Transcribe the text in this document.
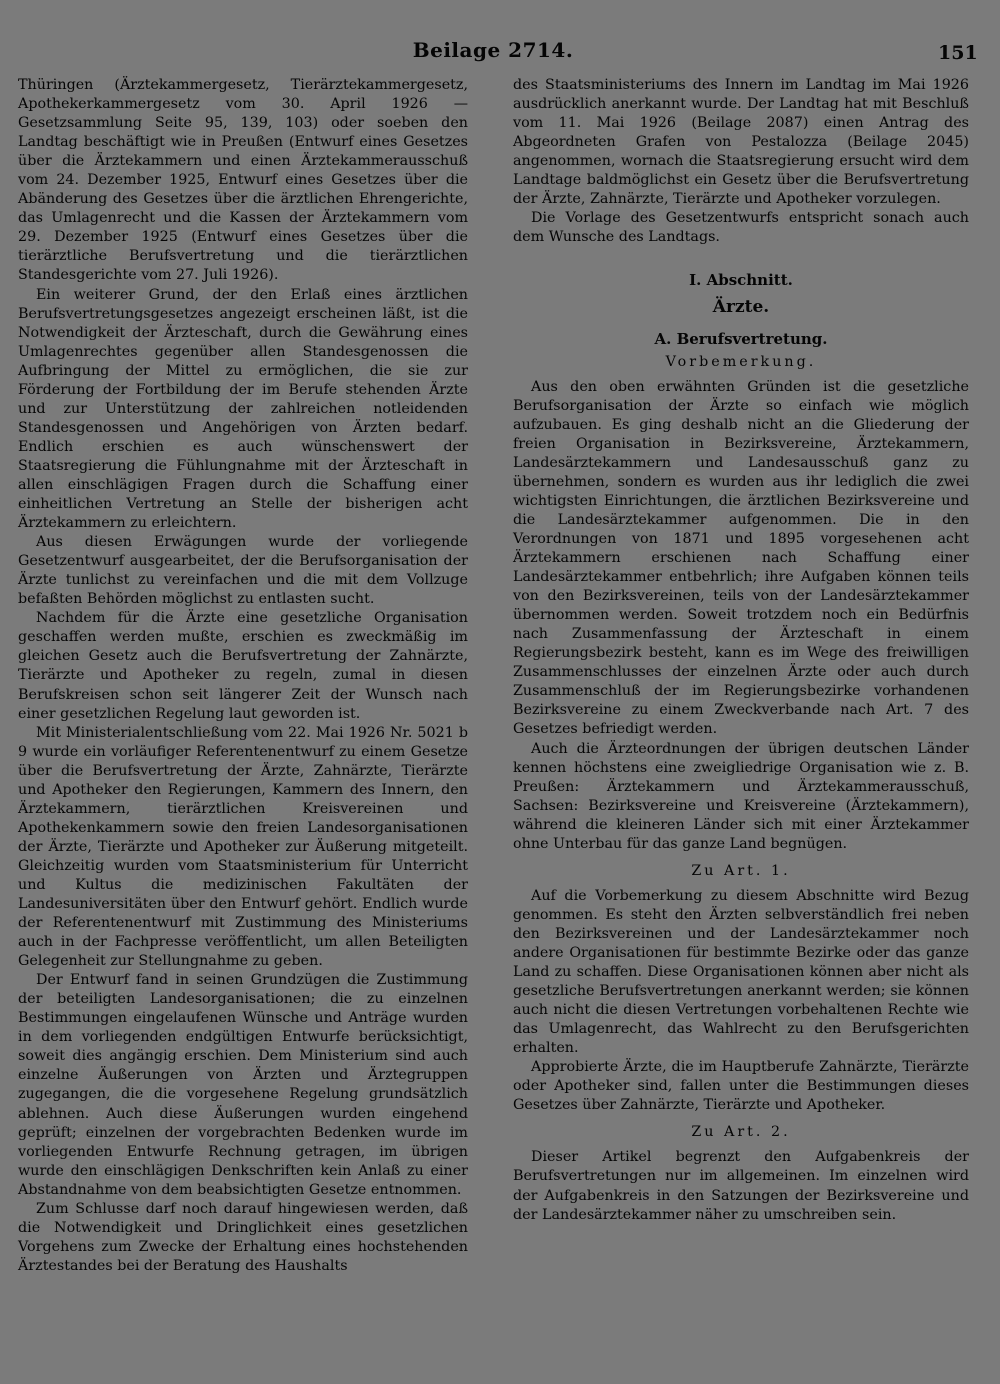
Beilage 2714.	151

Thüringen (Ärztekammergesetz, Tierärztekammergesetz, Apothekerkammergesetz vom 30. April 1926 — Gesetzsammlung Seite 95, 139, 103) oder soeben den Landtag beschäftigt wie in Preußen (Entwurf eines Gesetzes über die Ärztekammern und einen Ärztekammerausschuß vom 24. Dezember 1925, Entwurf eines Gesetzes über die Abänderung des Gesetzes über die ärztlichen Ehrengerichte, das Umlagenrecht und die Kassen der Ärztekammern vom 29. Dezember 1925 (Entwurf eines Gesetzes über die tierärztliche Berufsvertretung und die tierärztlichen Standesgerichte vom 27. Juli 1926).

Ein weiterer Grund, der den Erlaß eines ärztlichen Berufsvertretungsgesetzes angezeigt erscheinen läßt, ist die Notwendigkeit der Ärzteschaft, durch die Gewährung eines Umlagenrechtes gegenüber allen Standesgenossen die Aufbringung der Mittel zu ermöglichen, die sie zur Förderung der Fortbildung der im Berufe stehenden Ärzte und zur Unterstützung der zahlreichen notleidenden Standesgenossen und Angehörigen von Ärzten bedarf. Endlich erschien es auch wünschenswert der Staatsregierung die Fühlungnahme mit der Ärzteschaft in allen einschlägigen Fragen durch die Schaffung einer einheitlichen Vertretung an Stelle der bisherigen acht Ärztekammern zu erleichtern.

Aus diesen Erwägungen wurde der vorliegende Gesetzentwurf ausgearbeitet, der die Berufsorganisation der Ärzte tunlichst zu vereinfachen und die mit dem Vollzuge befaßten Behörden möglichst zu entlasten sucht.

Nachdem für die Ärzte eine gesetzliche Organisation geschaffen werden mußte, erschien es zweckmäßig im gleichen Gesetz auch die Berufsvertretung der Zahnärzte, Tierärzte und Apotheker zu regeln, zumal in diesen Berufskreisen schon seit längerer Zeit der Wunsch nach einer gesetzlichen Regelung laut geworden ist.

Mit Ministerialentschließung vom 22. Mai 1926 Nr. 5021 b 9 wurde ein vorläufiger Referentenentwurf zu einem Gesetze über die Berufsvertretung der Ärzte, Zahnärzte, Tierärzte und Apotheker den Regierungen, Kammern des Innern, den Ärztekammern, tierärztlichen Kreisvereinen und Apothekenkammern sowie den freien Landesorganisationen der Ärzte, Tierärzte und Apotheker zur Äußerung mitgeteilt. Gleichzeitig wurden vom Staatsministerium für Unterricht und Kultus die medizinischen Fakultäten der Landesuniversitäten über den Entwurf gehört. Endlich wurde der Referentenentwurf mit Zustimmung des Ministeriums auch in der Fachpresse veröffentlicht, um allen Beteiligten Gelegenheit zur Stellungnahme zu geben.

Der Entwurf fand in seinen Grundzügen die Zustimmung der beteiligten Landesorganisationen; die zu einzelnen Bestimmungen eingelaufenen Wünsche und Anträge wurden in dem vorliegenden endgültigen Entwurfe berücksichtigt, soweit dies angängig erschien. Dem Ministerium sind auch einzelne Äußerungen von Ärzten und Ärztegruppen zugegangen, die die vorgesehene Regelung grundsätzlich ablehnen. Auch diese Äußerungen wurden eingehend geprüft; einzelnen der vorgebrachten Bedenken wurde im vorliegenden Entwurfe Rechnung getragen, im übrigen wurde den einschlägigen Denkschriften kein Anlaß zu einer Abstandnahme von dem beabsichtigten Gesetze entnommen.

Zum Schlusse darf noch darauf hingewiesen werden, daß die Notwendigkeit und Dringlichkeit eines gesetzlichen Vorgehens zum Zwecke der Erhaltung eines hochstehenden Ärztestandes bei der Beratung des Haushalts

des Staatsministeriums des Innern im Landtag im Mai 1926 ausdrücklich anerkannt wurde. Der Landtag hat mit Beschluß vom 11. Mai 1926 (Beilage 2087) einen Antrag des Abgeordneten Grafen von Pestalozza (Beilage 2045) angenommen, wornach die Staatsregierung ersucht wird dem Landtage baldmöglichst ein Gesetz über die Berufsvertretung der Ärzte, Zahnärzte, Tierärzte und Apotheker vorzulegen.

Die Vorlage des Gesetzentwurfs entspricht sonach auch dem Wunsche des Landtags.

I. Abschnitt.

Ärzte.

A. Berufsvertretung.

Vorbemerkung.

Aus den oben erwähnten Gründen ist die gesetzliche Berufsorganisation der Ärzte so einfach wie möglich aufzubauen. Es ging deshalb nicht an die Gliederung der freien Organisation in Bezirksvereine, Ärztekammern, Landesärztekammern und Landesausschuß ganz zu übernehmen, sondern es wurden aus ihr lediglich die zwei wichtigsten Einrichtungen, die ärztlichen Bezirksvereine und die Landesärztekammer aufgenommen. Die in den Verordnungen von 1871 und 1895 vorgesehenen acht Ärztekammern erschienen nach Schaffung einer Landesärztekammer entbehrlich; ihre Aufgaben können teils von den Bezirksvereinen, teils von der Landesärztekammer übernommen werden. Soweit trotzdem noch ein Bedürfnis nach Zusammenfassung der Ärzteschaft in einem Regierungsbezirk besteht, kann es im Wege des freiwilligen Zusammenschlusses der einzelnen Ärzte oder auch durch Zusammenschluß der im Regierungsbezirke vorhandenen Bezirksvereine zu einem Zweckverbande nach Art. 7 des Gesetzes befriedigt werden.

Auch die Ärzteordnungen der übrigen deutschen Länder kennen höchstens eine zweigliedrige Organisation wie z. B. Preußen: Ärztekammern und Ärztekammerausschuß, Sachsen: Bezirksvereine und Kreisvereine (Ärztekammern), während die kleineren Länder sich mit einer Ärztekammer ohne Unterbau für das ganze Land begnügen.

Zu Art. 1.

Auf die Vorbemerkung zu diesem Abschnitte wird Bezug genommen. Es steht den Ärzten selbverständlich frei neben den Bezirksvereinen und der Landesärztekammer noch andere Organisationen für bestimmte Bezirke oder das ganze Land zu schaffen. Diese Organisationen können aber nicht als gesetzliche Berufsvertretungen anerkannt werden; sie können auch nicht die diesen Vertretungen vorbehaltenen Rechte wie das Umlagenrecht, das Wahlrecht zu den Berufsgerichten erhalten.

Approbierte Ärzte, die im Hauptberufe Zahnärzte, Tierärzte oder Apotheker sind, fallen unter die Bestimmungen dieses Gesetzes über Zahnärzte, Tierärzte und Apotheker.

Zu Art. 2.

Dieser Artikel begrenzt den Aufgabenkreis der Berufsvertretungen nur im allgemeinen. Im einzelnen wird der Aufgabenkreis in den Satzungen der Bezirksvereine und der Landesärztekammer näher zu umschreiben sein.
